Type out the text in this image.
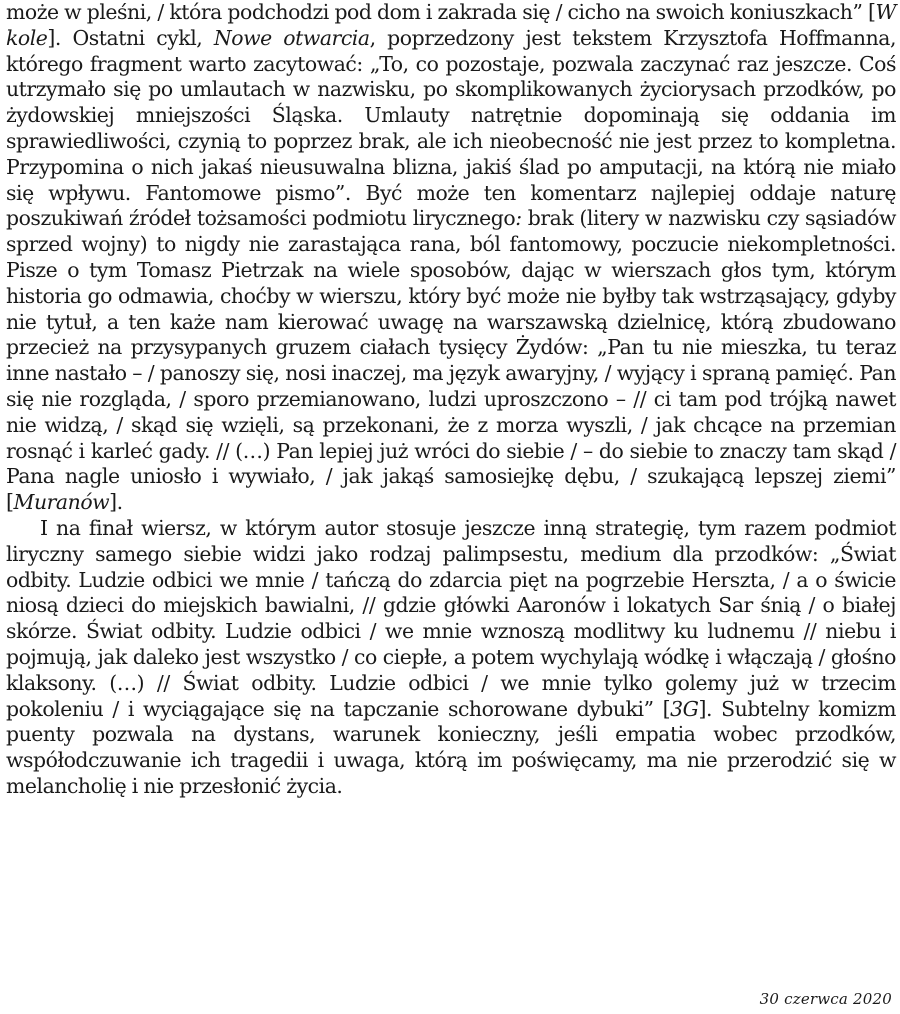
może w pleśni, / która podchodzi pod dom i zakrada się / cicho na swoich koniuszkach” [W kole]. Ostatni cykl, Nowe otwarcia, poprzedzony jest tekstem Krzysztofa Hoffmanna, którego fragment warto zacytować: „To, co pozostaje, pozwala zaczynać raz jeszcze. Coś utrzymało się po umlautach w nazwisku, po skomplikowanych życiorysach przodków, po żydowskiej mniejszości Śląska. Umlauty natrętnie dopominają się oddania im sprawiedliwości, czynią to poprzez brak, ale ich nieobecność nie jest przez to kompletna. Przypomina o nich jakaś nieusuwalna blizna, jakiś ślad po amputacji, na którą nie miało się wpływu. Fantomowe pismo”. Być może ten komentarz najlepiej oddaje naturę poszukiwań źródeł tożsamości podmiotu lirycznego: brak (litery w nazwisku czy sąsiadów sprzed wojny) to nigdy nie zarastająca rana, ból fantomowy, poczucie niekompletności. Pisze o tym Tomasz Pietrzak na wiele sposobów, dając w wierszach głos tym, którym historia go odmawia, choćby w wierszu, który być może nie byłby tak wstrząsający, gdyby nie tytuł, a ten każe nam kierować uwagę na warszawską dzielnicę, którą zbudowano przecież na przysypanych gruzem ciałach tysięcy Żydów: „Pan tu nie mieszka, tu teraz inne nastało – / panoszy się, nosi inaczej, ma język awaryjny, / wyjący i spraną pamięć. Pan się nie rozgląda, / sporo przemianowano, ludzi uproszczono – // ci tam pod trójką nawet nie widzą, / skąd się wzięli, są przekonani, że z morza wyszli, / jak chcące na przemian rosnąć i karleć gady. // (…) Pan lepiej już wróci do siebie / – do siebie to znaczy tam skąd / Pana nagle uniosło i wywiało, / jak jakąś samosiejkę dębu, / szukającą lepszej ziemi” [Muranów].

I na finał wiersz, w którym autor stosuje jeszcze inną strategię, tym razem podmiot liryczny samego siebie widzi jako rodzaj palimpsestu, medium dla przodków: „Świat odbity. Ludzie odbici we mnie / tańczą do zdarcia pięt na pogrzebie Herszta, / a o świcie niosą dzieci do miejskich bawialni, // gdzie główki Aaronów i lokatych Sar śnią / o białej skórze. Świat odbity. Ludzie odbici / we mnie wznoszą modlitwy ku ludnemu // niebu i pojmują, jak daleko jest wszystko / co ciepłe, a potem wychylają wódkę i włączają / głośno klaksony. (…) // Świat odbity. Ludzie odbici / we mnie tylko golemy już w trzecim pokoleniu / i wyciągające się na tapczanie schorowane dybuki” [3G]. Subtelny komizm puenty pozwala na dystans, warunek konieczny, jeśli empatia wobec przodków, współodczuwanie ich tragedii i uwaga, którą im poświęcamy, ma nie przerodzić się w melancholię i nie przesłonić życia.

30 czerwca 2020
